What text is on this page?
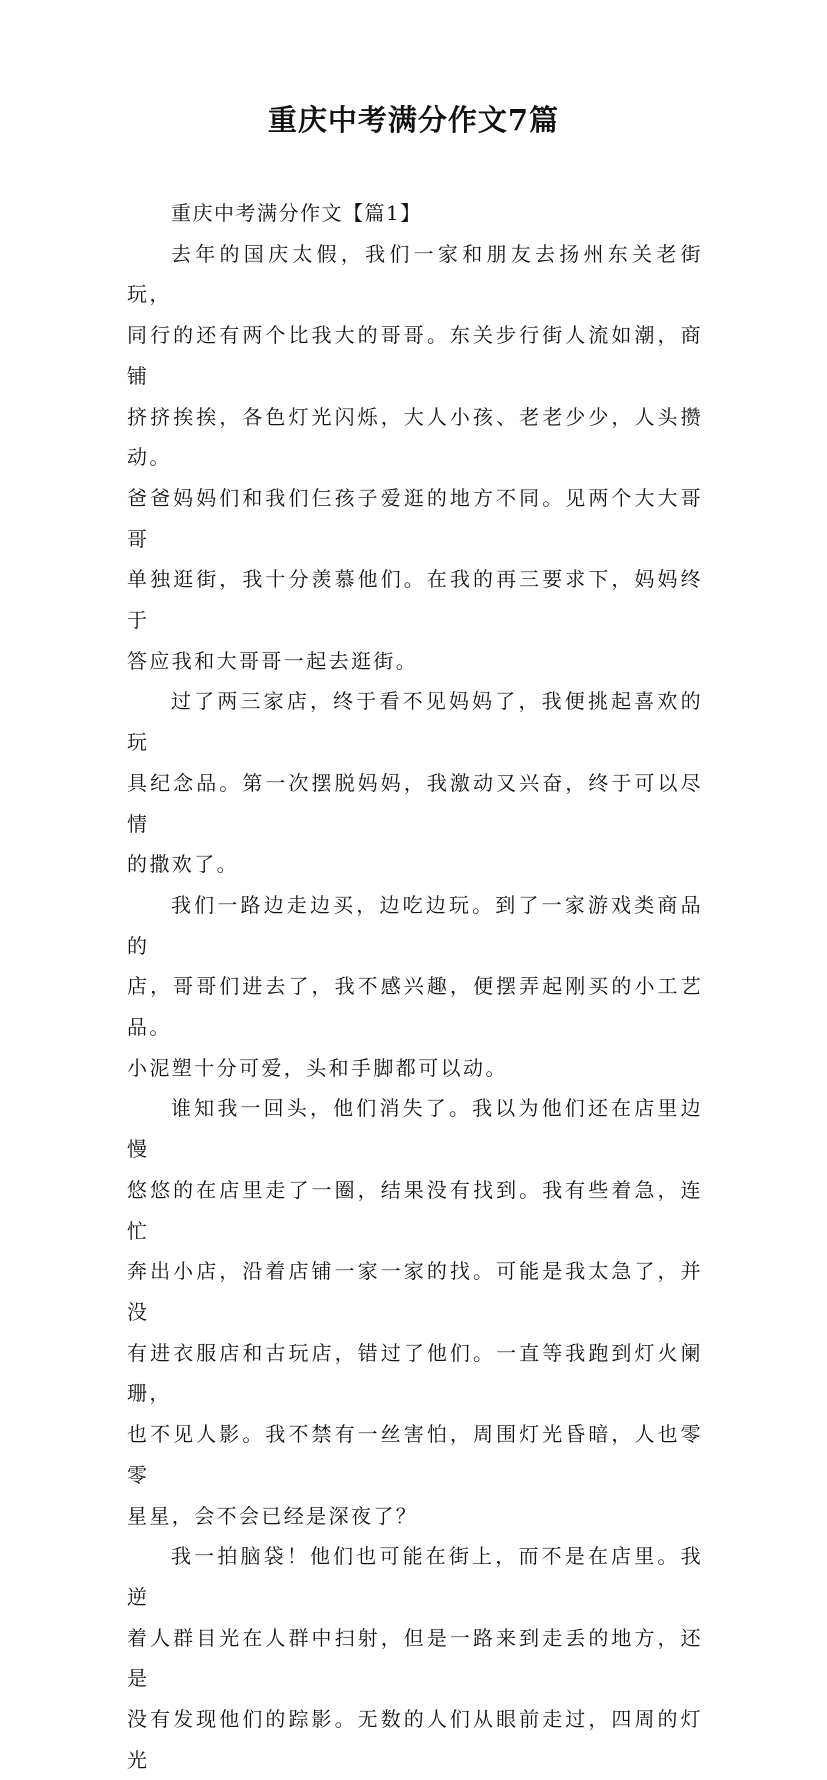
重庆中考满分作文7篇

重庆中考满分作文【篇1】

去年的国庆太假，我们一家和朋友去扬州东关老街玩，
同行的还有两个比我大的哥哥。东关步行街人流如潮，商铺
挤挤挨挨，各色灯光闪烁，大人小孩、老老少少，人头攒动。
爸爸妈妈们和我们仨孩子爱逛的地方不同。见两个大大哥哥
单独逛街，我十分羡慕他们。在我的再三要求下，妈妈终于
答应我和大哥哥一起去逛街。

过了两三家店，终于看不见妈妈了，我便挑起喜欢的玩
具纪念品。第一次摆脱妈妈，我激动又兴奋，终于可以尽情
的撒欢了。

我们一路边走边买，边吃边玩。到了一家游戏类商品的
店，哥哥们进去了，我不感兴趣，便摆弄起刚买的小工艺品。
小泥塑十分可爱，头和手脚都可以动。

谁知我一回头，他们消失了。我以为他们还在店里边慢
悠悠的在店里走了一圈，结果没有找到。我有些着急，连忙
奔出小店，沿着店铺一家一家的找。可能是我太急了，并没
有进衣服店和古玩店，错过了他们。一直等我跑到灯火阑珊，
也不见人影。我不禁有一丝害怕，周围灯光昏暗，人也零零
星星，会不会已经是深夜了？

我一拍脑袋！他们也可能在街上，而不是在店里。我逆
着人群目光在人群中扫射，但是一路来到走丢的地方，还是
没有发现他们的踪影。无数的人们从眼前走过，四周的灯光
